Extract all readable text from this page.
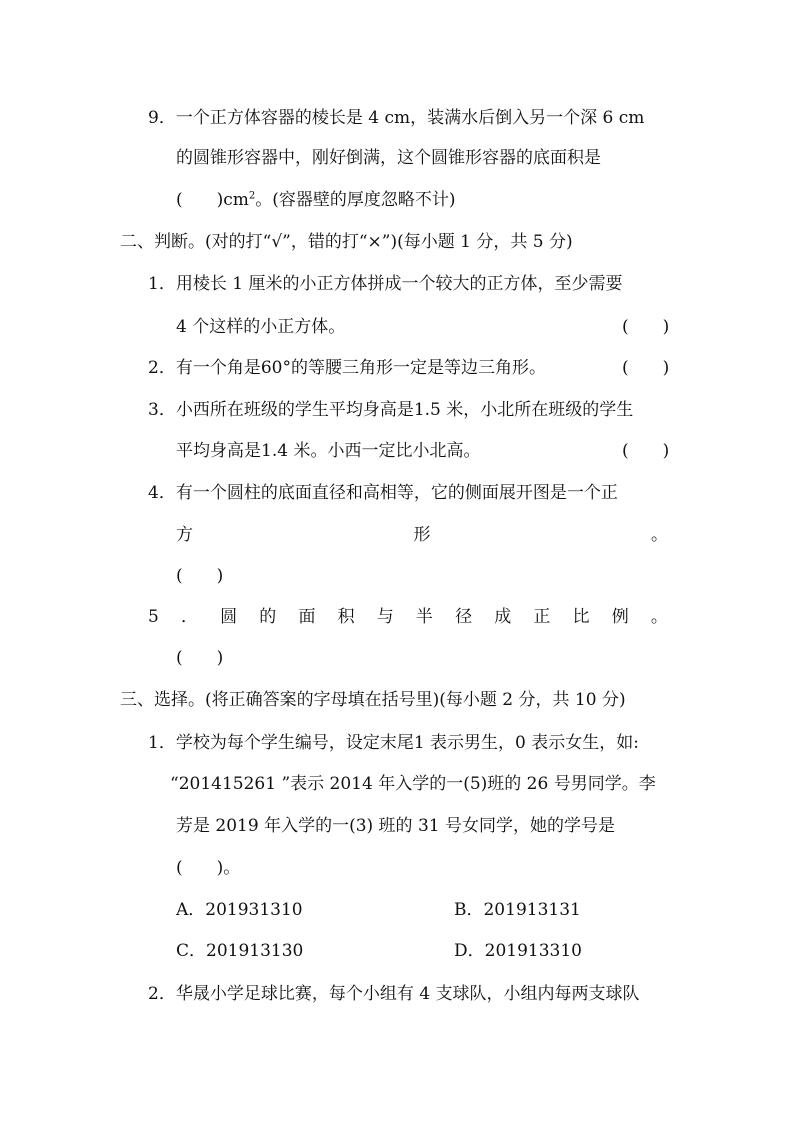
9．一个正方体容器的棱长是 4 cm，装满水后倒入另一个深 6 cm
的圆锥形容器中，刚好倒满，这个圆锥形容器的底面积是
(　　)$cm^2$。(容器壁的厚度忽略不计)
二、判断。(对的打“√”，错的打“×”)(每小题 1 分，共 5 分)
1．用棱长 1 厘米的小正方体拼成一个较大的正方体，至少需要
4 个这样的小正方体。	(　　)
2．有一个角是60°的等腰三角形一定是等边三角形。	(　　)
3．小西所在班级的学生平均身高是1.5 米，小北所在班级的学生
平均身高是1.4 米。小西一定比小北高。	(　　)
4．有一个圆柱的底面直径和高相等，它的侧面展开图是一个正
方	形	。
(　　)
5 ． 圆 的 面 积 与 半 径 成 正 比 例 。
(　　)
三、选择。(将正确答案的字母填在括号里)(每小题 2 分，共 10 分)
1．学校为每个学生编号，设定末尾1 表示男生，0 表示女生，如:
“201415261 ”表示 2014 年入学的一(5)班的 26 号男同学。李
芳是 2019 年入学的一(3) 班的 31 号女同学，她的学号是
(　　)。
A．201931310	B．201913131
C．201913130	D．201913310
2．华晟小学足球比赛，每个小组有 4 支球队，小组内每两支球队
